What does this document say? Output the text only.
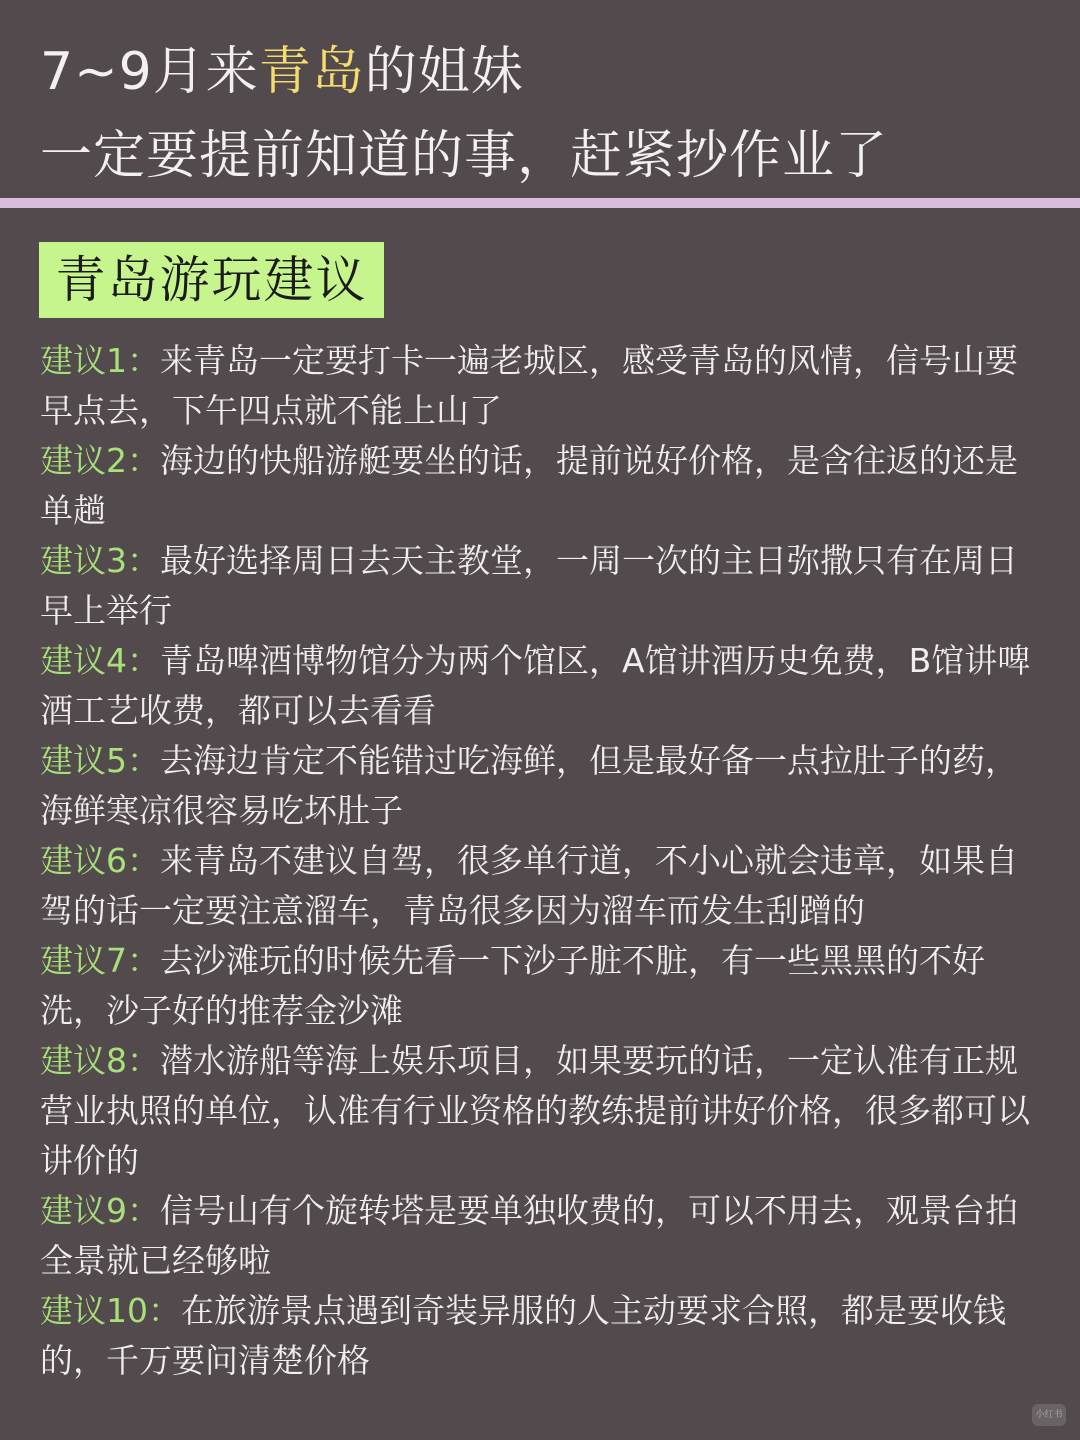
7~9月来青岛的姐妹
一定要提前知道的事，赶紧抄作业了
青岛游玩建议
建议1：来青岛一定要打卡一遍老城区，感受青岛的风情，信号山要早点去，下午四点就不能上山了
建议2：海边的快船游艇要坐的话，提前说好价格，是含往返的还是单趟
建议3：最好选择周日去天主教堂，一周一次的主日弥撒只有在周日早上举行
建议4：青岛啤酒博物馆分为两个馆区，A馆讲酒历史免费，B馆讲啤酒工艺收费，都可以去看看
建议5：去海边肯定不能错过吃海鲜，但是最好备一点拉肚子的药，海鲜寒凉很容易吃坏肚子
建议6：来青岛不建议自驾，很多单行道，不小心就会违章，如果自驾的话一定要注意溜车，青岛很多因为溜车而发生刮蹭的
建议7：去沙滩玩的时候先看一下沙子脏不脏，有一些黑黑的不好洗，沙子好的推荐金沙滩
建议8：潜水游船等海上娱乐项目，如果要玩的话，一定认准有正规营业执照的单位，认准有行业资格的教练提前讲好价格，很多都可以讲价的
建议9：信号山有个旋转塔是要单独收费的，可以不用去，观景台拍全景就已经够啦
建议10：在旅游景点遇到奇装异服的人主动要求合照，都是要收钱的，千万要问清楚价格
小红书
